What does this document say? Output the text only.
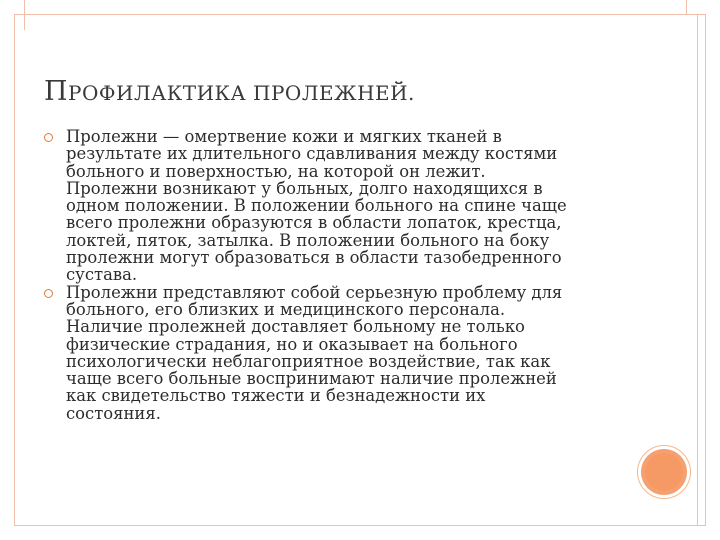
ПРОФИЛАКТИКА ПРОЛЕЖНЕЙ.
Пролежни — омертвение кожи и мягких тканей в
результате их длительного сдавливания между костями
больного и поверхностью, на которой он лежит.
Пролежни возникают у больных, долго находящихся в
одном положении. В положении больного на спине чаще
всего пролежни образуются в области лопаток, крестца,
локтей, пяток, затылка. В положении больного на боку
пролежни могут образоваться в области тазобедренного
сустава.
Пролежни представляют собой серьезную проблему для
больного, его близких и медицинского персонала.
Наличие пролежней доставляет больному не только
физические страдания, но и оказывает на больного
психологически неблагоприятное воздействие, так как
чаще всего больные воспринимают наличие пролежней
как свидетельство тяжести и безнадежности их
состояния.
